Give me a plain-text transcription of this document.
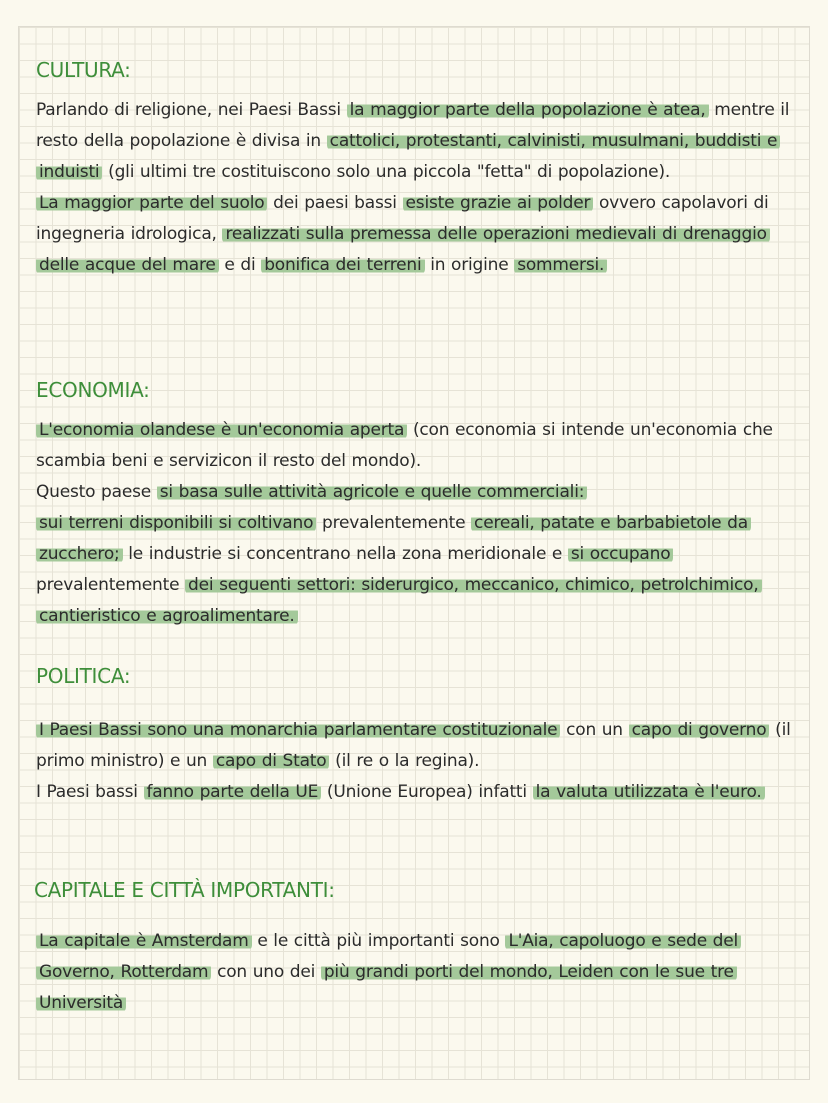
CULTURA:

Parlando di religione, nei Paesi Bassi la maggior parte della popolazione è atea, mentre il resto della popolazione è divisa in cattolici, protestanti, calvinisti, musulmani, buddisti e induisti (gli ultimi tre costituiscono solo una piccola "fetta" di popolazione).
La maggior parte del suolo dei paesi bassi esiste grazie ai polder ovvero capolavori di ingegneria idrologica, realizzati sulla premessa delle operazioni medievali di drenaggio delle acque del mare e di bonifica dei terreni in origine sommersi.

ECONOMIA:

L'economia olandese è un'economia aperta (con economia si intende un'economia che scambia beni e servizicon il resto del mondo).
Questo paese si basa sulle attività agricole e quelle commerciali:
sui terreni disponibili si coltivano prevalentemente cereali, patate e barbabietole da zucchero; le industrie si concentrano nella zona meridionale e si occupano prevalentemente dei seguenti settori: siderurgico, meccanico, chimico, petrolchimico, cantieristico e agroalimentare.

POLITICA:

I Paesi Bassi sono una monarchia parlamentare costituzionale con un capo di governo (il primo ministro) e un capo di Stato (il re o la regina).
I Paesi bassi fanno parte della UE (Unione Europea) infatti la valuta utilizzata è l'euro.

CAPITALE E CITTÀ IMPORTANTI:

La capitale è Amsterdam e le città più importanti sono L'Aia, capoluogo e sede del Governo, Rotterdam con uno dei più grandi porti del mondo, Leiden con le sue tre Università
